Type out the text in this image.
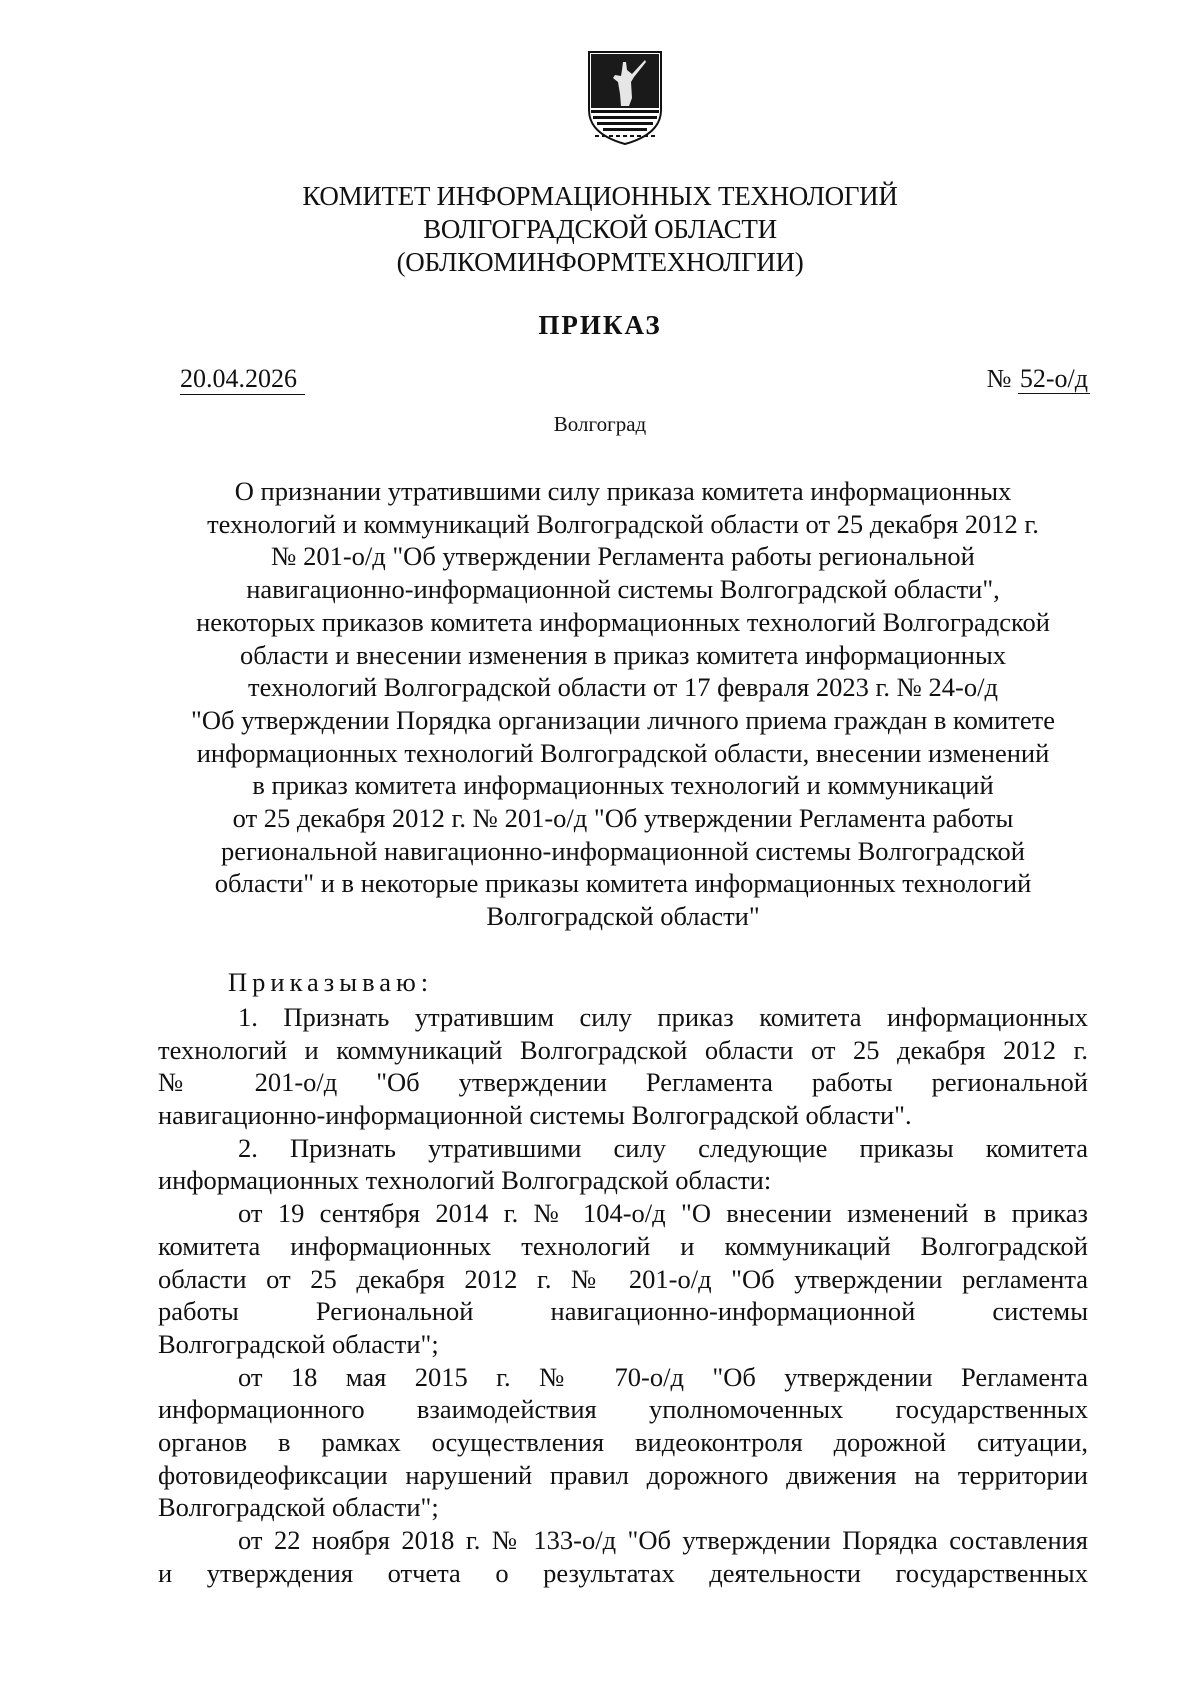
КОМИТЕТ ИНФОРМАЦИОННЫХ ТЕХНОЛОГИЙ
ВОЛГОГРАДСКОЙ ОБЛАСТИ
(ОБЛКОМИНФОРМТЕХНОЛГИИ)
ПРИКАЗ
20.04.2026	№ 52-о/д
Волгоград
О признании утратившими силу приказа комитета информационных
технологий и коммуникаций Волгоградской области от 25 декабря 2012 г.
№ 201-о/д "Об утверждении Регламента работы региональной
навигационно-информационной системы Волгоградской области",
некоторых приказов комитета информационных технологий Волгоградской
области и внесении изменения в приказ комитета информационных
технологий Волгоградской области от 17 февраля 2023 г. № 24-о/д
"Об утверждении Порядка организации личного приема граждан в комитете
информационных технологий Волгоградской области, внесении изменений
в приказ комитета информационных технологий и коммуникаций
от 25 декабря 2012 г. № 201-о/д "Об утверждении Регламента работы
региональной навигационно-информационной системы Волгоградской
области" и в некоторые приказы комитета информационных технологий
Волгоградской области"
Приказываю:
1. Признать утратившим силу приказ комитета информационных
технологий и коммуникаций Волгоградской области от 25 декабря 2012 г.
№ 201-о/д "Об утверждении Регламента работы региональной
навигационно-информационной системы Волгоградской области".
2. Признать утратившими силу следующие приказы комитета
информационных технологий Волгоградской области:
от 19 сентября 2014 г. № 104-о/д "О внесении изменений в приказ
комитета информационных технологий и коммуникаций Волгоградской
области от 25 декабря 2012 г. № 201-о/д "Об утверждении регламента
работы Региональной навигационно-информационной системы
Волгоградской области";
от 18 мая 2015 г. № 70-о/д "Об утверждении Регламента
информационного взаимодействия уполномоченных государственных
органов в рамках осуществления видеоконтроля дорожной ситуации,
фотовидеофиксации нарушений правил дорожного движения на территории
Волгоградской области";
от 22 ноября 2018 г. № 133-о/д "Об утверждении Порядка составления
и утверждения отчета о результатах деятельности государственных
